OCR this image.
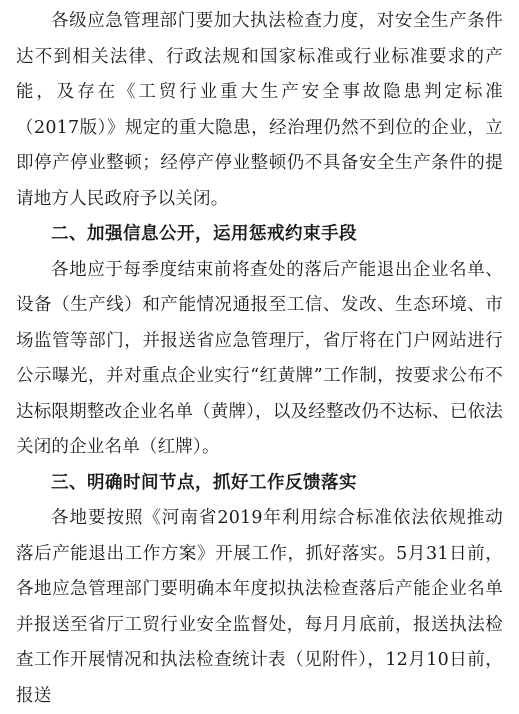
各级应急管理部门要加大执法检查力度，对安全生产条件达不到相关法律、行政法规和国家标准或行业标准要求的产能，及存在《工贸行业重大生产安全事故隐患判定标准（2017版）》规定的重大隐患，经治理仍然不到位的企业，立即停产停业整顿；经停产停业整顿仍不具备安全生产条件的提请地方人民政府予以关闭。

二、加强信息公开，运用惩戒约束手段

各地应于每季度结束前将查处的落后产能退出企业名单、设备（生产线）和产能情况通报至工信、发改、生态环境、市场监管等部门，并报送省应急管理厅，省厅将在门户网站进行公示曝光，并对重点企业实行“红黄牌”工作制，按要求公布不达标限期整改企业名单（黄牌），以及经整改仍不达标、已依法关闭的企业名单（红牌）。

三、明确时间节点，抓好工作反馈落实

各地要按照《河南省2019年利用综合标准依法依规推动落后产能退出工作方案》开展工作，抓好落实。5月31日前，各地应急管理部门要明确本年度拟执法检查落后产能企业名单并报送至省厅工贸行业安全监督处，每月月底前，报送执法检查工作开展情况和执法检查统计表（见附件），12月10日前，报送
